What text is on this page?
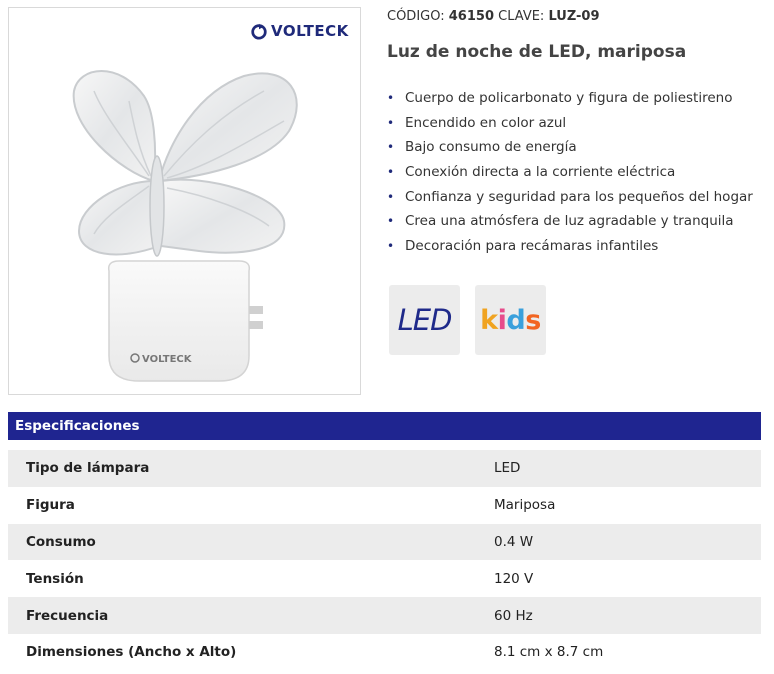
VOLTECK
VOLTECK
CÓDIGO: 46150 CLAVE: LUZ-09
Luz de noche de LED, mariposa
• Cuerpo de policarbonato y figura de poliestireno
• Encendido en color azul
• Bajo consumo de energía
• Conexión directa a la corriente eléctrica
• Confianza y seguridad para los pequeños del hogar
• Crea una atmósfera de luz agradable y tranquila
• Decoración para recámaras infantiles
LED kids
Especificaciones
Tipo de lámpara	LED
Figura	Mariposa
Consumo	0.4 W
Tensión	120 V
Frecuencia	60 Hz
Dimensiones (Ancho x Alto)	8.1 cm x 8.7 cm
